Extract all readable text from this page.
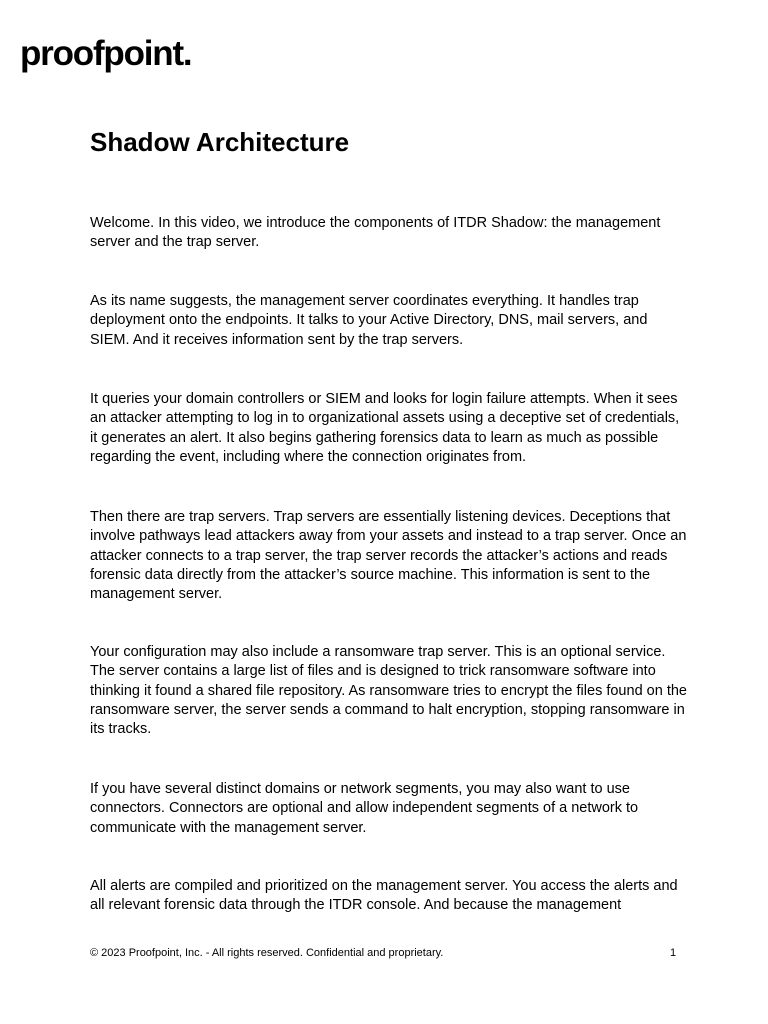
proofpoint.
Shadow Architecture

Welcome. In this video, we introduce the components of ITDR Shadow: the management server and the trap server.

As its name suggests, the management server coordinates everything. It handles trap deployment onto the endpoints. It talks to your Active Directory, DNS, mail servers, and SIEM. And it receives information sent by the trap servers.

It queries your domain controllers or SIEM and looks for login failure attempts. When it sees an attacker attempting to log in to organizational assets using a deceptive set of credentials, it generates an alert. It also begins gathering forensics data to learn as much as possible regarding the event, including where the connection originates from.

Then there are trap servers. Trap servers are essentially listening devices. Deceptions that involve pathways lead attackers away from your assets and instead to a trap server. Once an attacker connects to a trap server, the trap server records the attacker’s actions and reads forensic data directly from the attacker’s source machine. This information is sent to the management server.

Your configuration may also include a ransomware trap server. This is an optional service. The server contains a large list of files and is designed to trick ransomware software into thinking it found a shared file repository. As ransomware tries to encrypt the files found on the ransomware server, the server sends a command to halt encryption, stopping ransomware in its tracks.

If you have several distinct domains or network segments, you may also want to use connectors. Connectors are optional and allow independent segments of a network to communicate with the management server.

All alerts are compiled and prioritized on the management server. You access the alerts and all relevant forensic data through the ITDR console. And because the management

© 2023 Proofpoint, Inc. - All rights reserved. Confidential and proprietary.	1
